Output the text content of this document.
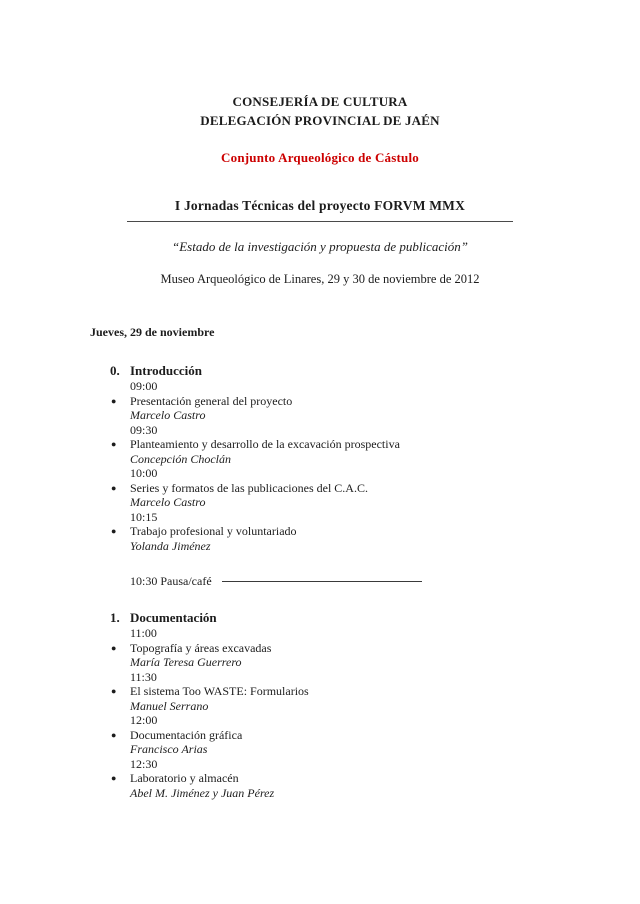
CONSEJERÍA DE CULTURA
DELEGACIÓN PROVINCIAL DE JAÉN
Conjunto Arqueológico de Cástulo
I Jornadas Técnicas del proyecto FORVM MMX
“Estado de la investigación y propuesta de publicación”
Museo Arqueológico de Linares, 29 y 30 de noviembre de 2012
Jueves, 29 de noviembre
0. Introducción
09:00
●	Presentación general del proyecto
Marcelo Castro
09:30
●	Planteamiento y desarrollo de la excavación prospectiva
Concepción Choclán
10:00
●	Series y formatos de las publicaciones del C.A.C.
Marcelo Castro
10:15
●	Trabajo profesional y voluntariado
Yolanda Jiménez
10:30 Pausa/café
1. Documentación
11:00
●	Topografía y áreas excavadas
María Teresa Guerrero
11:30
●	El sistema Too WASTE: Formularios
Manuel Serrano
12:00
●	Documentación gráfica
Francisco Arias
12:30
●	Laboratorio y almacén
Abel M. Jiménez y Juan Pérez
